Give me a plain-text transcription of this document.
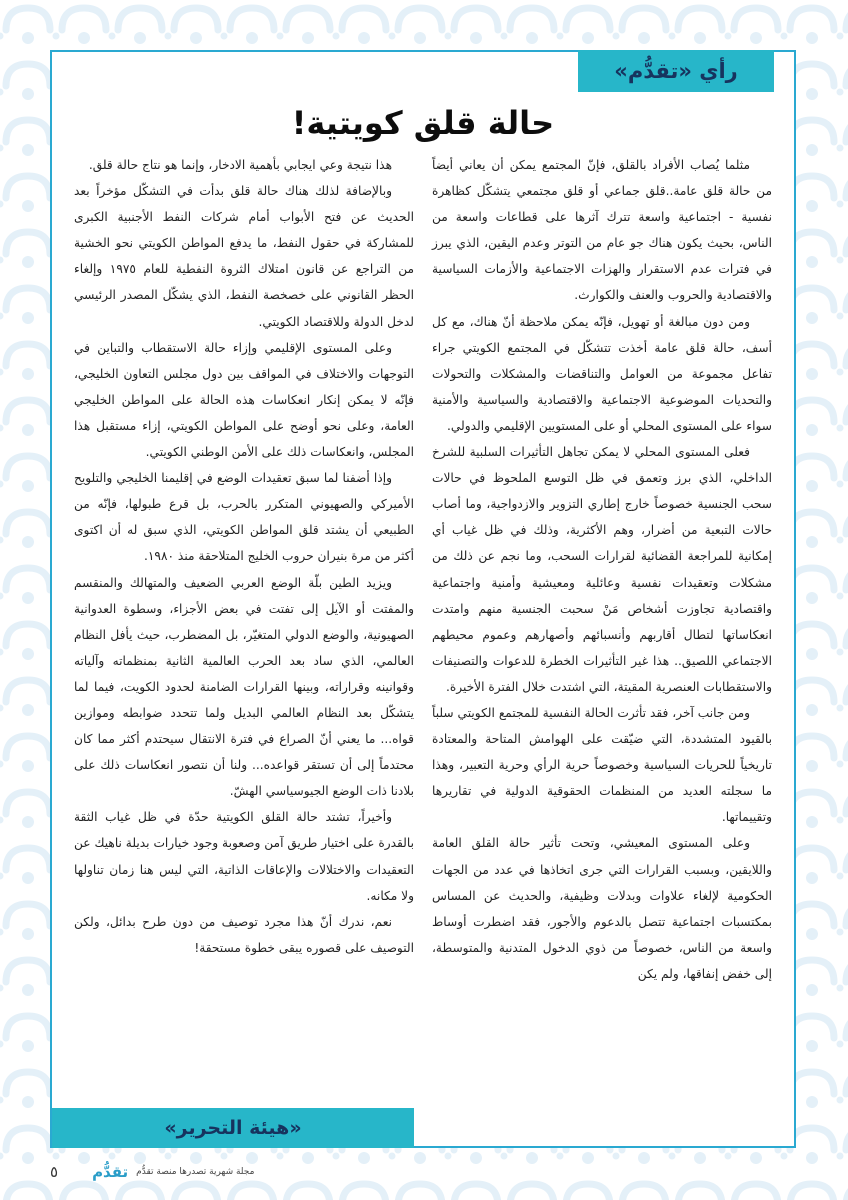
رأي «تقدُّم»
حالة قلق كويتية!

مثلما يُصاب الأفراد بالقلق، فإنّ المجتمع يمكن أن يعاني أيضاً من حالة قلق عامة..قلق جماعي أو قلق مجتمعي يتشكّل كظاهرة نفسية - اجتماعية واسعة تترك آثرها على قطاعات واسعة من الناس، بحيث يكون هناك جو عام من التوتر وعدم اليقين، الذي يبرز في فترات عدم الاستقرار والهزات الاجتماعية والأزمات السياسية والاقتصادية والحروب والعنف والكوارث.

ومن دون مبالغة أو تهويل، فإنّه يمكن ملاحظة أنّ هناك، مع كل أسف، حالة قلق عامة أخذت تتشكّل في المجتمع الكويتي جراء تفاعل مجموعة من العوامل والتناقضات والمشكلات والتحولات والتحديات الموضوعية الاجتماعية والاقتصادية والسياسية والأمنية سواء على المستوى المحلي أو على المستويين الإقليمي والدولي.

فعلى المستوى المحلي لا يمكن تجاهل التأثيرات السلبية للشرخ الداخلي، الذي برز وتعمق في ظل التوسع الملحوظ في حالات سحب الجنسية خصوصاً خارج إطاري التزوير والازدواجية، وما أصاب حالات التبعية من أضرار، وهم الأكثرية، وذلك في ظل غياب أي إمكانية للمراجعة القضائية لقرارات السحب، وما نجم عن ذلك من مشكلات وتعقيدات نفسية وعائلية ومعيشية وأمنية واجتماعية واقتصادية تجاوزت أشخاص مَنْ سحبت الجنسية منهم وامتدت انعكاساتها لتطال أقاربهم وأنسبائهم وأصهارهم وعموم محيطهم الاجتماعي اللصيق.. هذا غير التأثيرات الخطرة للدعوات والتصنيفات والاستقطابات العنصرية المقيتة، التي اشتدت خلال الفترة الأخيرة.

ومن جانب آخر، فقد تأثرت الحالة النفسية للمجتمع الكويتي سلباً بالقيود المتشددة، التي ضيّقت على الهوامش المتاحة والمعتادة تاريخياً للحريات السياسية وخصوصاً حرية الرأي وحرية التعبير، وهذا ما سجلته العديد من المنظمات الحقوقية الدولية في تقاريرها وتقييماتها.

وعلى المستوى المعيشي، وتحت تأثير حالة القلق العامة واللايقين، وبسبب القرارات التي جرى اتخاذها في عدد من الجهات الحكومية لإلغاء علاوات وبدلات وظيفية، والحديث عن المساس بمكتسبات اجتماعية تتصل بالدعوم والأجور، فقد اضطرت أوساط واسعة من الناس، خصوصاً من ذوي الدخول المتدنية والمتوسطة، إلى خفض إنفاقها، ولم يكن

هذا نتيجة وعي ايجابي بأهمية الادخار، وإنما هو نتاج حالة قلق.

وبالإضافة لذلك هناك حالة قلق بدأت في التشكّل مؤخراً بعد الحديث عن فتح الأبواب أمام شركات النفط الأجنبية الكبرى للمشاركة في حقول النفط، ما يدفع المواطن الكويتي نحو الخشية من التراجع عن قانون امتلاك الثروة النفطية للعام ١٩٧٥ وإلغاء الحظر القانوني على خصخصة النفط، الذي يشكّل المصدر الرئيسي لدخل الدولة وللاقتصاد الكويتي.

وعلى المستوى الإقليمي وإزاء حالة الاستقطاب والتباين في التوجهات والاختلاف في المواقف بين دول مجلس التعاون الخليجي، فإنّه لا يمكن إنكار انعكاسات هذه الحالة على المواطن الخليجي العامة، وعلى نحو أوضح على المواطن الكويتي، إزاء مستقبل هذا المجلس، وانعكاسات ذلك على الأمن الوطني الكويتي.

وإذا أضفنا لما سبق تعقيدات الوضع في إقليمنا الخليجي والتلويح الأميركي والصهيوني المتكرر بالحرب، بل قرع طبولها، فإنّه من الطبيعي أن يشتد قلق المواطن الكويتي، الذي سبق له أن اكتوى أكثر من مرة بنيران حروب الخليج المتلاحقة منذ ١٩٨٠.

ويزيد الطين بلّة الوضع العربي الضعيف والمتهالك والمنقسم والمفتت أو الآيل إلى تفتت في بعض الأجزاء، وسطوة العدوانية الصهيونية، والوضع الدولي المتغيّر، بل المضطرب، حيث يأفل النظام العالمي، الذي ساد بعد الحرب العالمية الثانية بمنظماته وآلياته وقوانينه وقراراته، وبينها القرارات الضامنة لحدود الكويت، فيما لما يتشكّل بعد النظام العالمي البديل ولما تتحدد ضوابطه وموازين قواه... ما يعني أنّ الصراع في فترة الانتقال سيحتدم أكثر مما كان محتدماً إلى أن تستقر قواعده... ولنا أن نتصور انعكاسات ذلك على بلادنا ذات الوضع الجيوسياسي الهشّ.

وأخيراً، تشتد حالة القلق الكويتية حدّة في ظل غياب الثقة بالقدرة على اختيار طريق آمن وصعوبة وجود خيارات بديلة ناهيك عن التعقيدات والاختلالات والإعاقات الذاتية، التي ليس هنا زمان تناولها ولا مكانه.

نعم، ندرك أنّ هذا مجرد توصيف من دون طرح بدائل، ولكن التوصيف على قصوره يبقى خطوة مستحقة!

«هيئة التحرير»
٥ تقدُّم مجلة شهرية تصدرها منصة تقدُّم
